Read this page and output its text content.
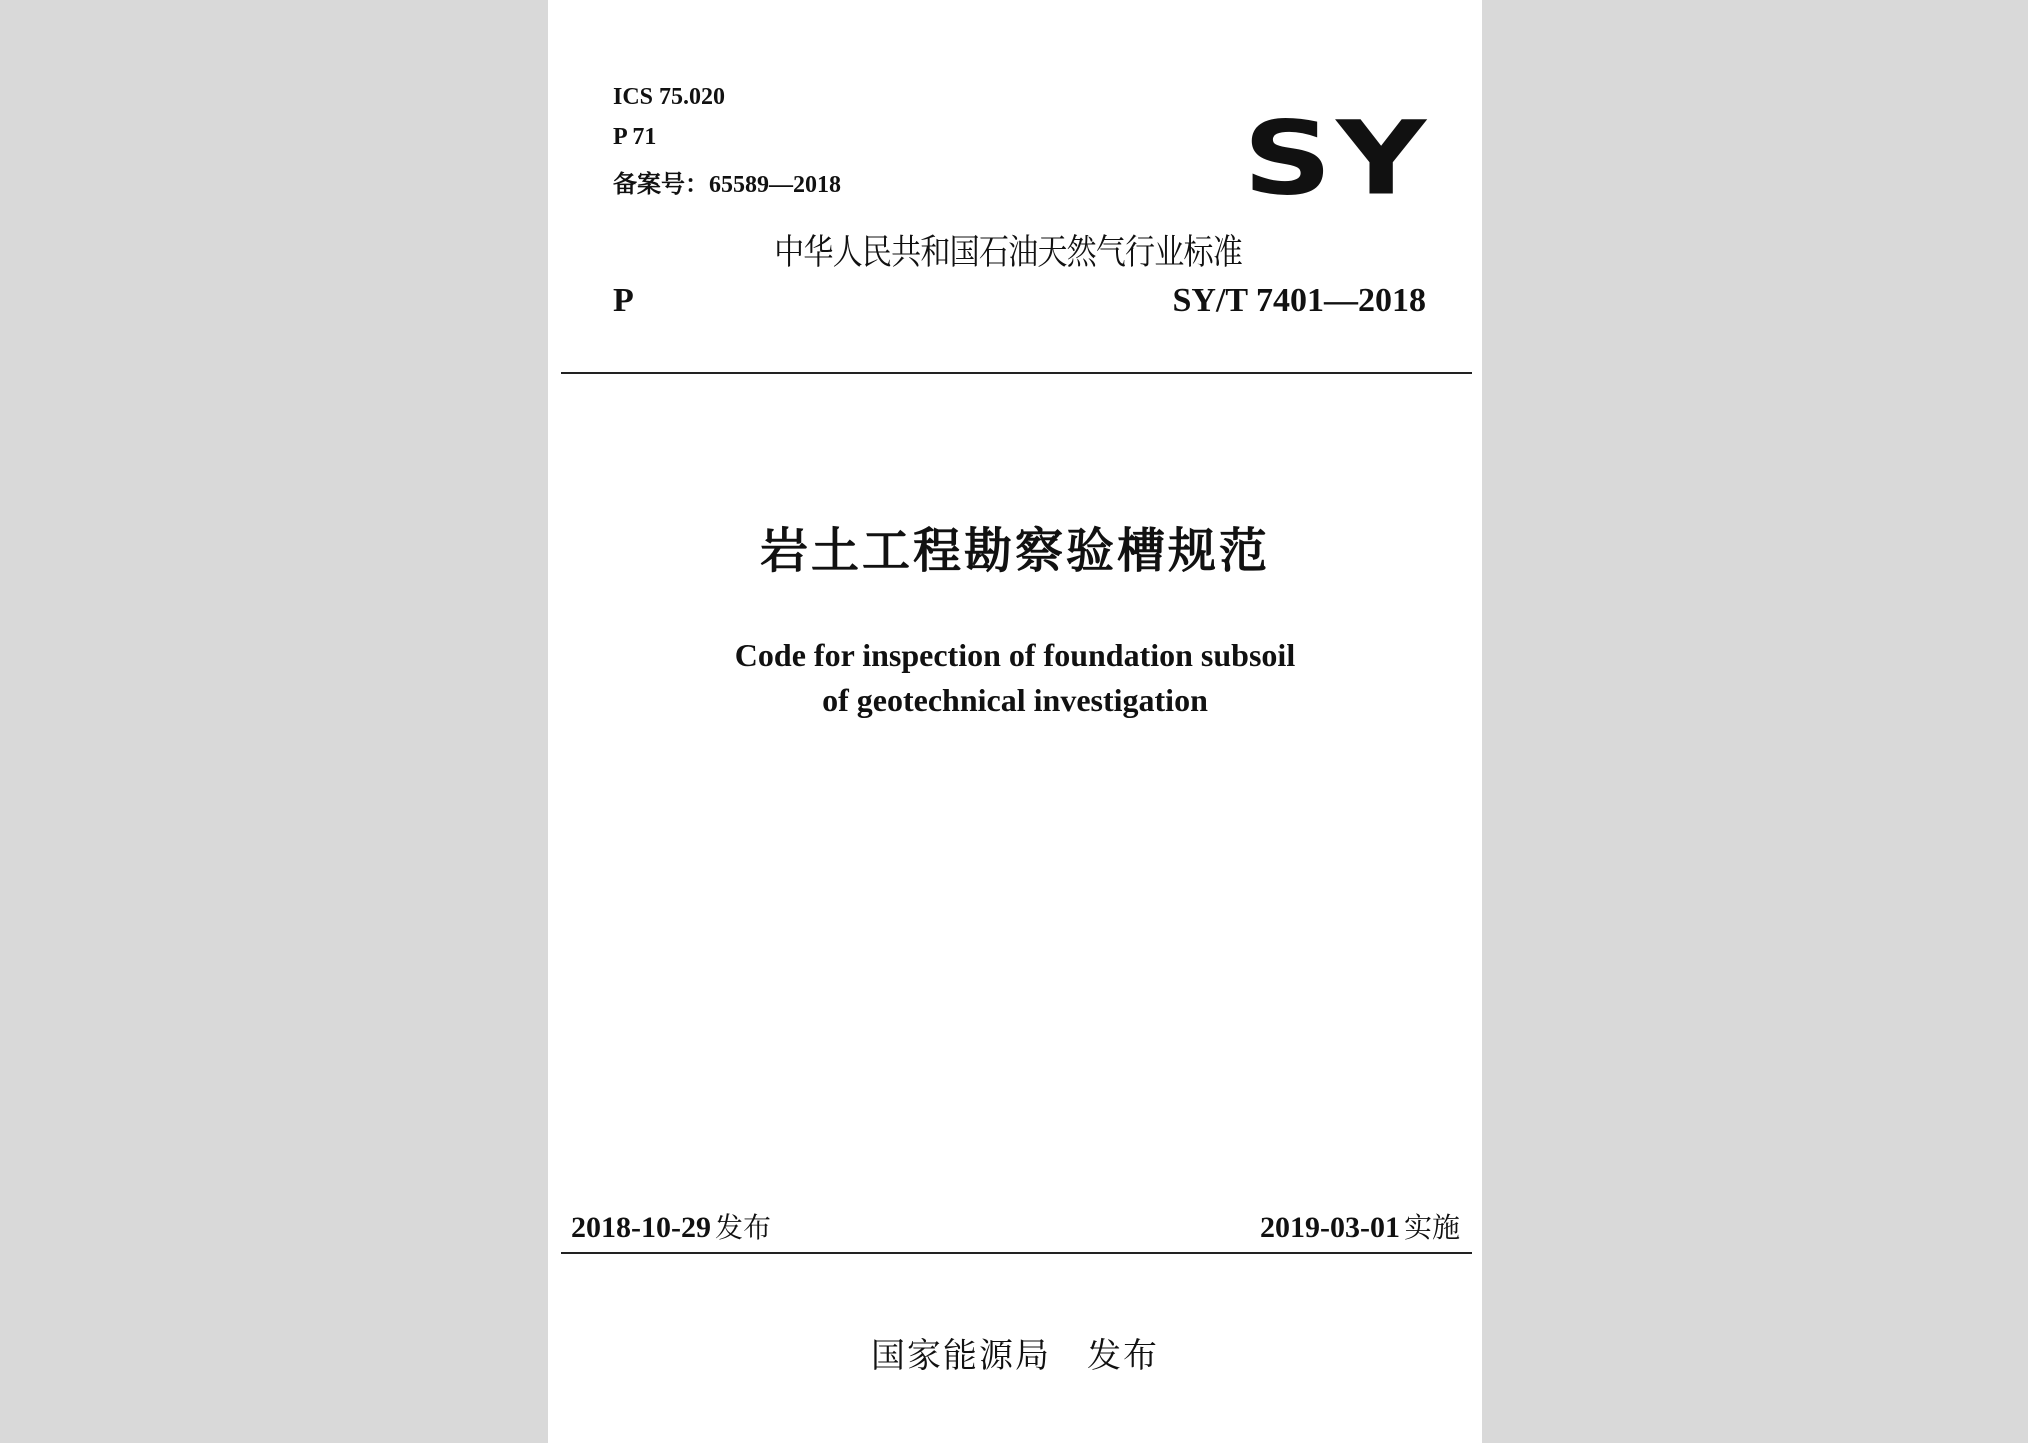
ICS 75.020
P 71
备案号：65589—2018	SY
中华人民共和国石油天然气行业标准
P	SY/T 7401—2018
岩土工程勘察验槽规范
Code for inspection of foundation subsoil
of geotechnical investigation
2018-10-29 发布	2019-03-01 实施
国家能源局　发布
